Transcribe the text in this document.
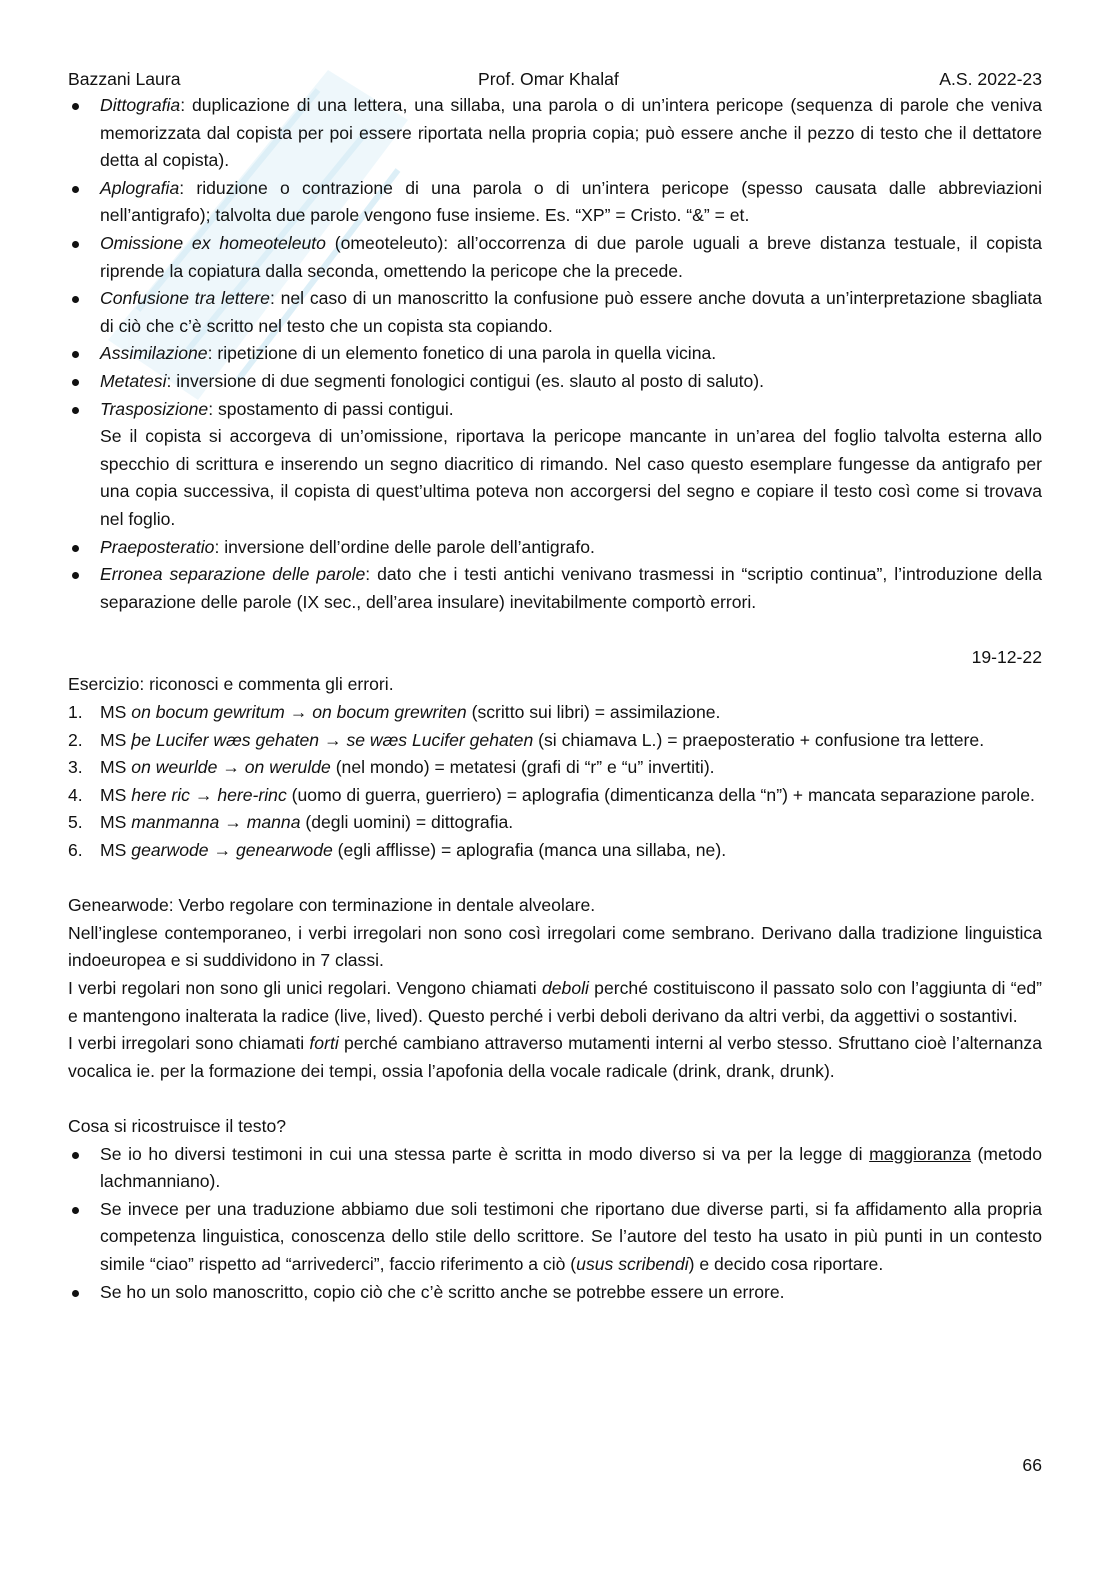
Bazzani Laura	Prof. Omar Khalaf	A.S. 2022-23
Dittografia: duplicazione di una lettera, una sillaba, una parola o di un’intera pericope (sequenza di parole che veniva memorizzata dal copista per poi essere riportata nella propria copia; può essere anche il pezzo di testo che il dettatore detta al copista).
Aplografia: riduzione o contrazione di una parola o di un’intera pericope (spesso causata dalle abbreviazioni nell’antigrafo); talvolta due parole vengono fuse insieme. Es. “XP” = Cristo. “&” = et.
Omissione ex homeoteleuto (omeoteleuto): all’occorrenza di due parole uguali a breve distanza testuale, il copista riprende la copiatura dalla seconda, omettendo la pericope che la precede.
Confusione tra lettere: nel caso di un manoscritto la confusione può essere anche dovuta a un’interpretazione sbagliata di ciò che c’è scritto nel testo che un copista sta copiando.
Assimilazione: ripetizione di un elemento fonetico di una parola in quella vicina.
Metatesi: inversione di due segmenti fonologici contigui (es. slauto al posto di saluto).
Trasposizione: spostamento di passi contigui.
Se il copista si accorgeva di un’omissione, riportava la pericope mancante in un’area del foglio talvolta esterna allo specchio di scrittura e inserendo un segno diacritico di rimando. Nel caso questo esemplare fungesse da antigrafo per una copia successiva, il copista di quest’ultima poteva non accorgersi del segno e copiare il testo così come si trovava nel foglio.
Praeposteratio: inversione dell’ordine delle parole dell’antigrafo.
Erronea separazione delle parole: dato che i testi antichi venivano trasmessi in “scriptio continua”, l’introduzione della separazione delle parole (IX sec., dell’area insulare) inevitabilmente comportò errori.
19-12-22

Esercizio: riconosci e commenta gli errori.

1. MS on bocum gewritum → on bocum grewriten (scritto sui libri) = assimilazione.
2. MS þe Lucifer wæs gehaten → se wæs Lucifer gehaten (si chiamava L.) = praeposteratio + confusione tra lettere.
3. MS on weurlde → on werulde (nel mondo) = metatesi (grafi di “r” e “u” invertiti).
4. MS here ric → here-rinc (uomo di guerra, guerriero) = aplografia (dimenticanza della “n”) + mancata separazione parole.
5. MS manmanna → manna (degli uomini) = dittografia.
6. MS gearwode → genearwode (egli afflisse) = aplografia (manca una sillaba, ne).

Genearwode: Verbo regolare con terminazione in dentale alveolare.

Nell’inglese contemporaneo, i verbi irregolari non sono così irregolari come sembrano. Derivano dalla tradizione linguistica indoeuropea e si suddividono in 7 classi.

I verbi regolari non sono gli unici regolari. Vengono chiamati deboli perché costituiscono il passato solo con l’aggiunta di “ed” e mantengono inalterata la radice (live, lived). Questo perché i verbi deboli derivano da altri verbi, da aggettivi o sostantivi.

I verbi irregolari sono chiamati forti perché cambiano attraverso mutamenti interni al verbo stesso. Sfruttano cioè l’alternanza vocalica ie. per la formazione dei tempi, ossia l’apofonia della vocale radicale (drink, drank, drunk).

Cosa si ricostruisce il testo?

Se io ho diversi testimoni in cui una stessa parte è scritta in modo diverso si va per la legge di maggioranza (metodo lachmanniano).
Se invece per una traduzione abbiamo due soli testimoni che riportano due diverse parti, si fa affidamento alla propria competenza linguistica, conoscenza dello stile dello scrittore. Se l’autore del testo ha usato in più punti in un contesto simile “ciao” rispetto ad “arrivederci”, faccio riferimento a ciò (usus scribendi) e decido cosa riportare.
Se ho un solo manoscritto, copio ciò che c’è scritto anche se potrebbe essere un errore.
66
